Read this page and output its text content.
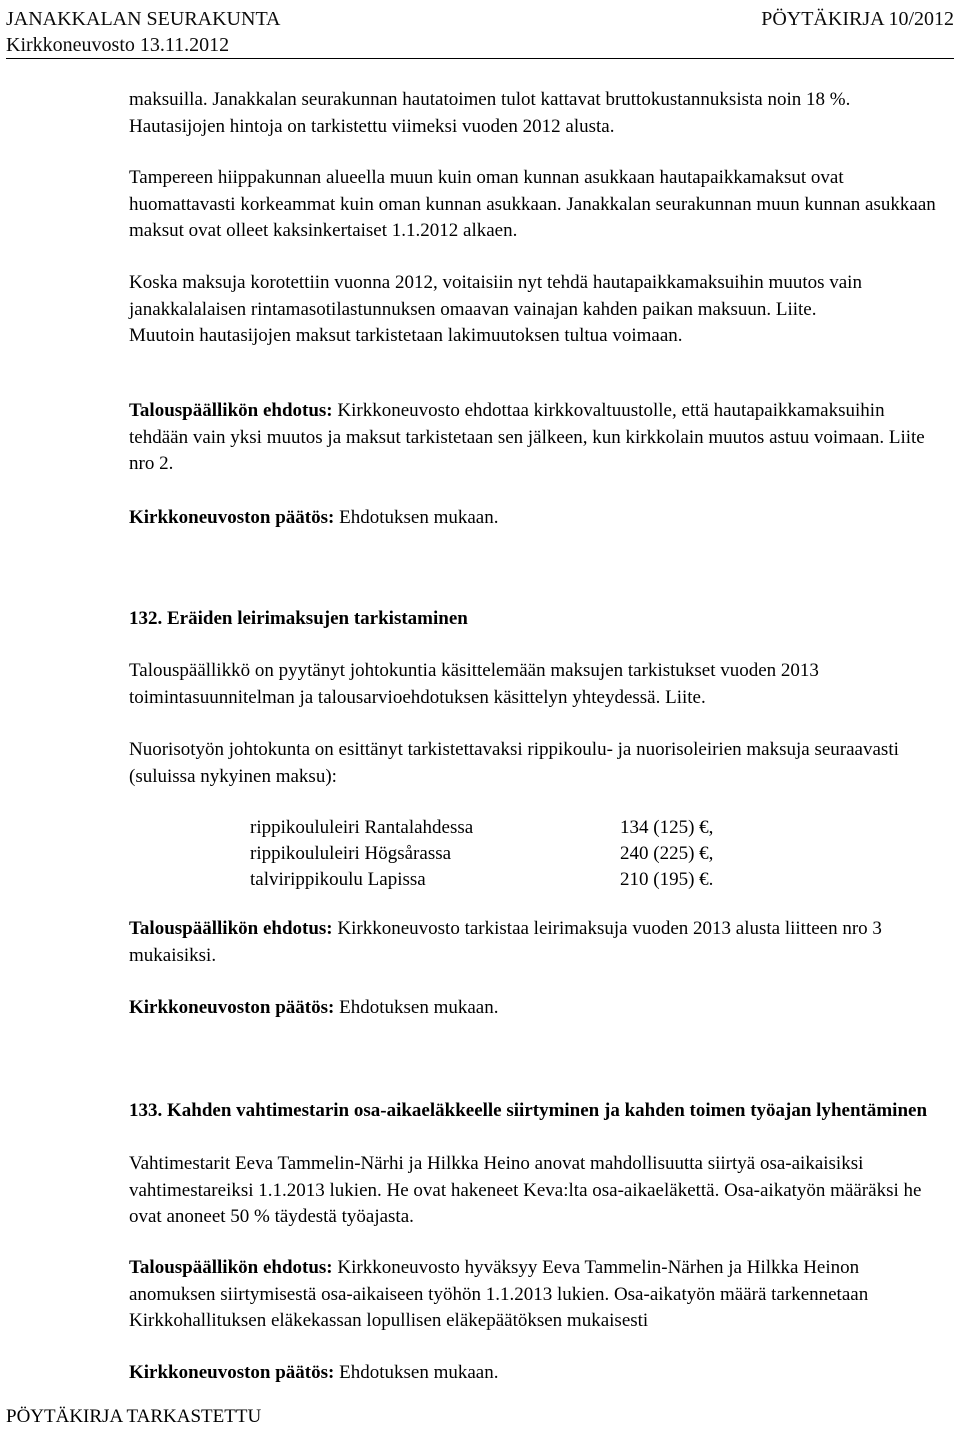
JANAKKALAN SEURAKUNTA	PÖYTÄKIRJA 10/2012
Kirkkoneuvosto 13.11.2012

maksuilla. Janakkalan seurakunnan hautatoimen tulot kattavat bruttokustannuksista noin 18 %. Hautasijojen hintoja on tarkistettu viimeksi vuoden 2012 alusta.

Tampereen hiippakunnan alueella muun kuin oman kunnan asukkaan hautapaikkamaksut ovat huomattavasti korkeammat kuin oman kunnan asukkaan. Janakkalan seurakunnan muun kunnan asukkaan maksut ovat olleet kaksinkertaiset 1.1.2012 alkaen.

Koska maksuja korotettiin vuonna 2012, voitaisiin nyt tehdä hautapaikkamaksuihin muutos vain janakkalalaisen rintamasotilastunnuksen omaavan vainajan kahden paikan maksuun. Liite.
Muutoin hautasijojen maksut tarkistetaan lakimuutoksen tultua voimaan.

Talouspäällikön ehdotus: Kirkkoneuvosto ehdottaa kirkkovaltuustolle, että hautapaikkamaksuihin tehdään vain yksi muutos ja maksut tarkistetaan sen jälkeen, kun kirkkolain muutos astuu voimaan. Liite nro 2.

Kirkkoneuvoston päätös: Ehdotuksen mukaan.

132. Eräiden leirimaksujen tarkistaminen

Talouspäällikkö on pyytänyt johtokuntia käsittelemään maksujen tarkistukset vuoden 2013 toimintasuunnitelman ja talousarvioehdotuksen käsittelyn yhteydessä. Liite.

Nuorisotyön johtokunta on esittänyt tarkistettavaksi rippikoulu- ja nuorisoleirien maksuja seuraavasti (suluissa nykyinen maksu):

rippikoululeiri Rantalahdessa	134 (125) €,
rippikoululeiri Högsårassa	240 (225) €,
talvirippikoulu Lapissa	210 (195) €.

Talouspäällikön ehdotus: Kirkkoneuvosto tarkistaa leirimaksuja vuoden 2013 alusta liitteen nro 3 mukaisiksi.

Kirkkoneuvoston päätös: Ehdotuksen mukaan.

133. Kahden vahtimestarin osa-aikaeläkkeelle siirtyminen ja kahden toimen työajan lyhentäminen

Vahtimestarit Eeva Tammelin-Närhi ja Hilkka Heino anovat mahdollisuutta siirtyä osa-aikaisiksi vahtimestareiksi 1.1.2013 lukien. He ovat hakeneet Keva:lta osa-aikaeläkettä. Osa-aikatyön määräksi he ovat anoneet 50 % täydestä työajasta.

Talouspäällikön ehdotus: Kirkkoneuvosto hyväksyy Eeva Tammelin-Närhen ja Hilkka Heinon anomuksen siirtymisestä osa-aikaiseen työhön 1.1.2013 lukien. Osa-aikatyön määrä tarkennetaan Kirkkohallituksen eläkekassan lopullisen eläkepäätöksen mukaisesti

Kirkkoneuvoston päätös: Ehdotuksen mukaan.

PÖYTÄKIRJA TARKASTETTU
